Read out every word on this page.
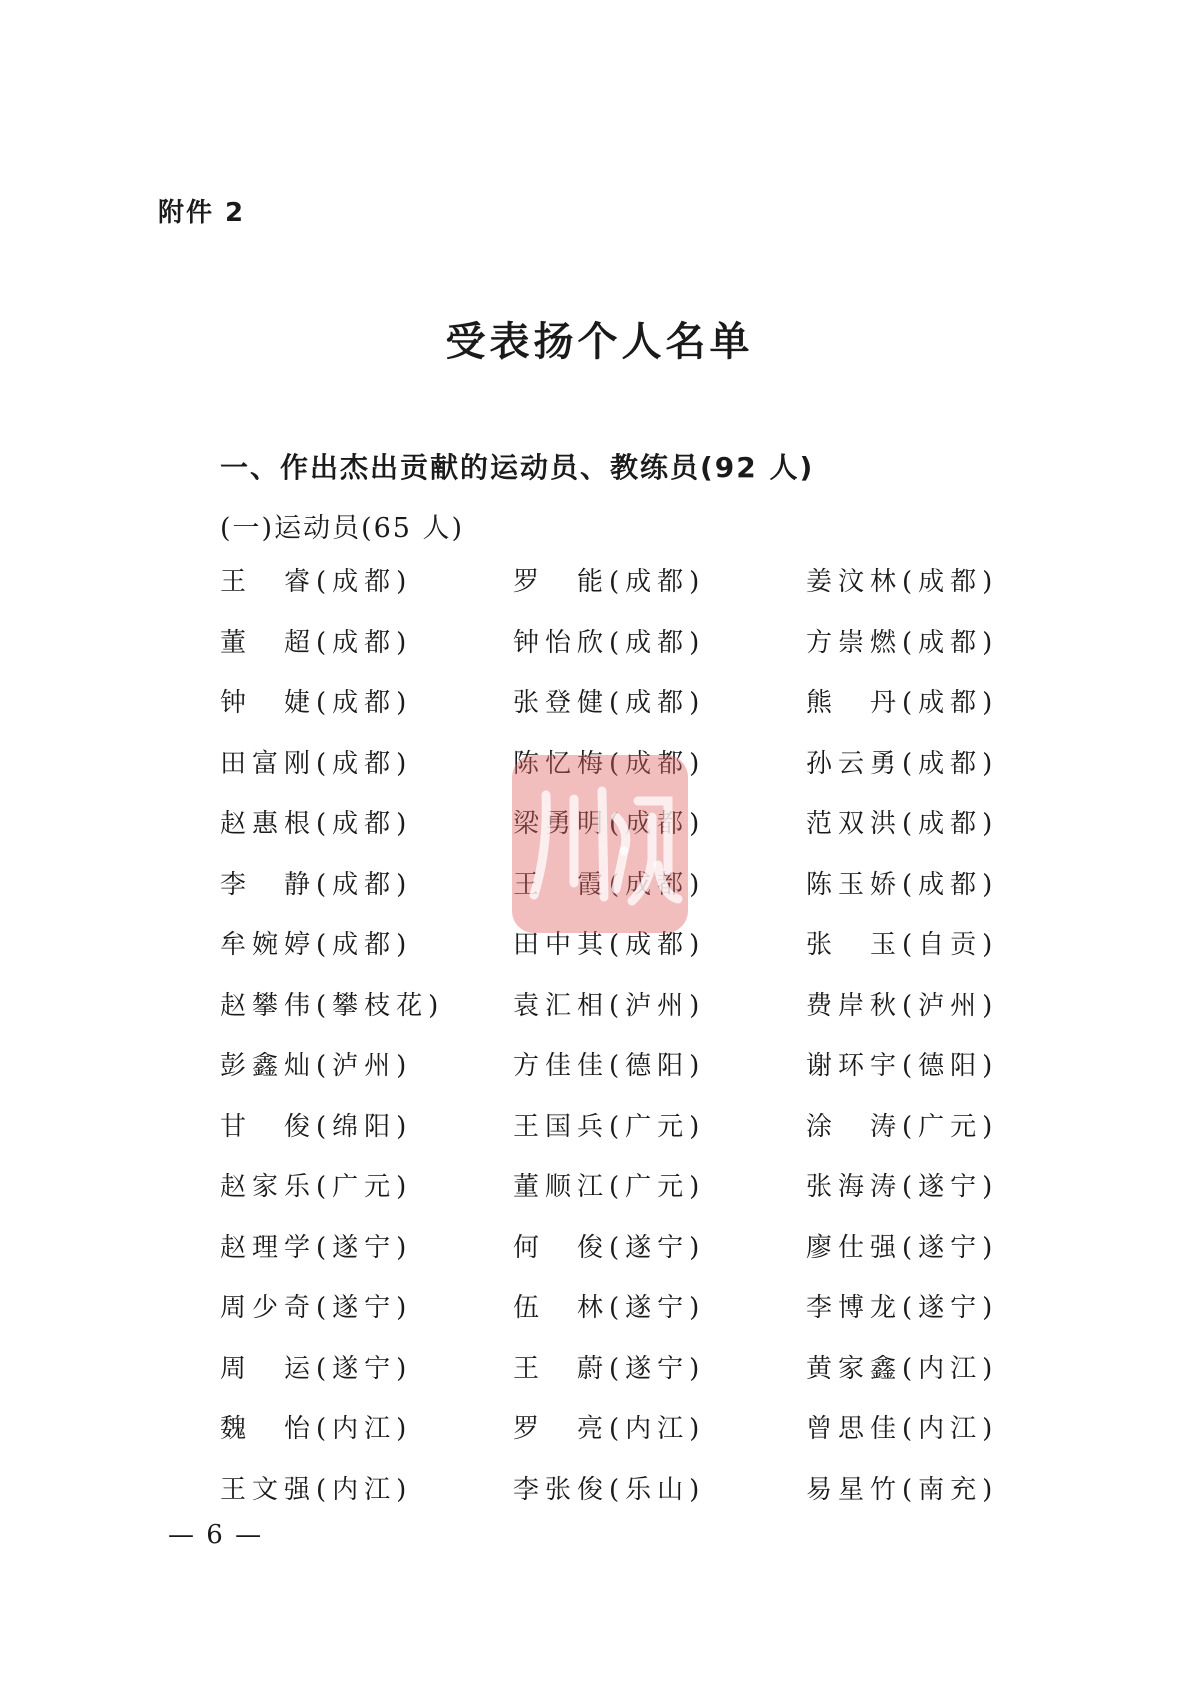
附件 2
受表扬个人名单
一、作出杰出贡献的运动员、教练员(92 人)
(一)运动员(65 人)
王　睿(成都)	罗　能(成都)	姜汶林(成都)
董　超(成都)	钟怡欣(成都)	方崇燃(成都)
钟　婕(成都)	张登健(成都)	熊　丹(成都)
田富刚(成都)	陈忆梅(成都)	孙云勇(成都)
赵惠根(成都)	梁勇明(成都)	范双洪(成都)
李　静(成都)	王　霞(成都)	陈玉娇(成都)
牟婉婷(成都)	田中其(成都)	张　玉(自贡)
赵攀伟(攀枝花)	袁汇相(泸州)	费岸秋(泸州)
彭鑫灿(泸州)	方佳佳(德阳)	谢环宇(德阳)
甘　俊(绵阳)	王国兵(广元)	涂　涛(广元)
赵家乐(广元)	董顺江(广元)	张海涛(遂宁)
赵理学(遂宁)	何　俊(遂宁)	廖仕强(遂宁)
周少奇(遂宁)	伍　林(遂宁)	李博龙(遂宁)
周　运(遂宁)	王　蔚(遂宁)	黄家鑫(内江)
魏　怡(内江)	罗　亮(内江)	曾思佳(内江)
王文强(内江)	李张俊(乐山)	易星竹(南充)
— 6 —
